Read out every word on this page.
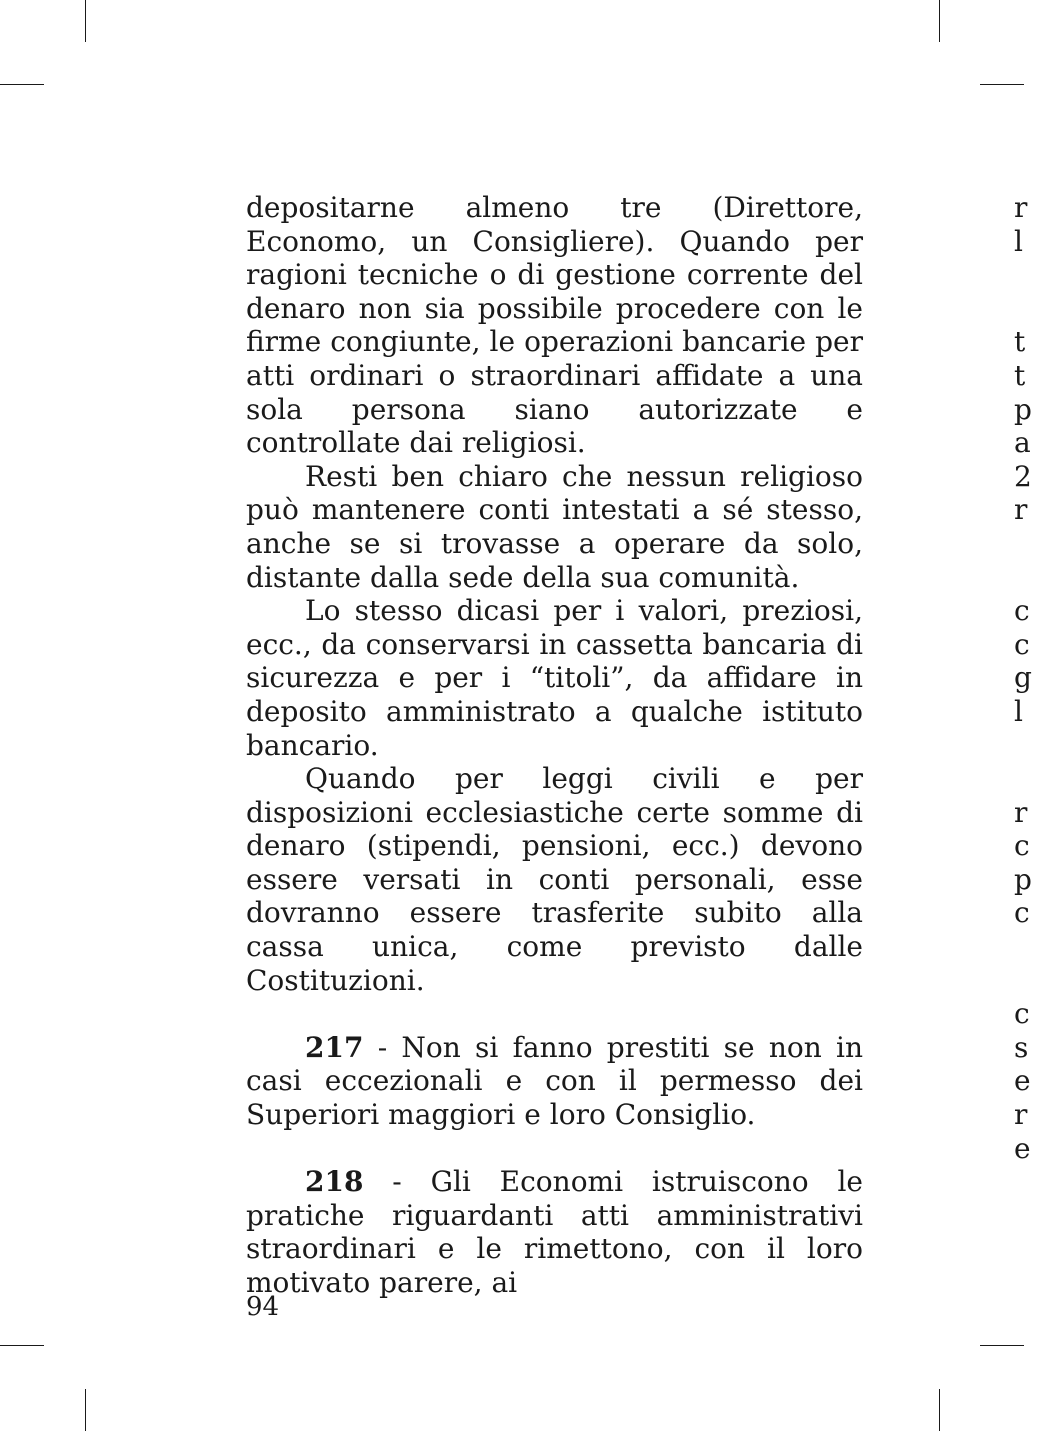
depositarne almeno tre (Direttore, Economo, un Consigliere). Quando per ragioni tecniche o di gestione corrente del denaro non sia possibile procedere con le firme congiunte, le operazioni bancarie per atti ordinari o straordinari affidate a una sola persona siano autorizzate e controllate dai religiosi.

Resti ben chiaro che nessun religioso può mantenere conti intestati a sé stesso, anche se si trovasse a operare da solo, distante dalla sede della sua comunità.

Lo stesso dicasi per i valori, preziosi, ecc., da conservarsi in cassetta bancaria di sicurezza e per i “titoli”, da affidare in deposito amministrato a qualche istituto bancario.

Quando per leggi civili e per disposizioni ecclesiastiche certe somme di denaro (stipendi, pensioni, ecc.) devono essere versati in conti personali, esse dovranno essere trasferite subito alla cassa unica, come previsto dalle Costituzioni.

217 - Non si fanno prestiti se non in casi eccezionali e con il permesso dei Superiori maggiori e loro Consiglio.

218 - Gli Economi istruiscono le pratiche riguardanti atti amministrativi straordinari e le rimettono, con il loro motivato parere, ai

94
r
l
t
t
p
a
2
r
c
c
g
l
r
c
p
c
c
s
e
r
e
